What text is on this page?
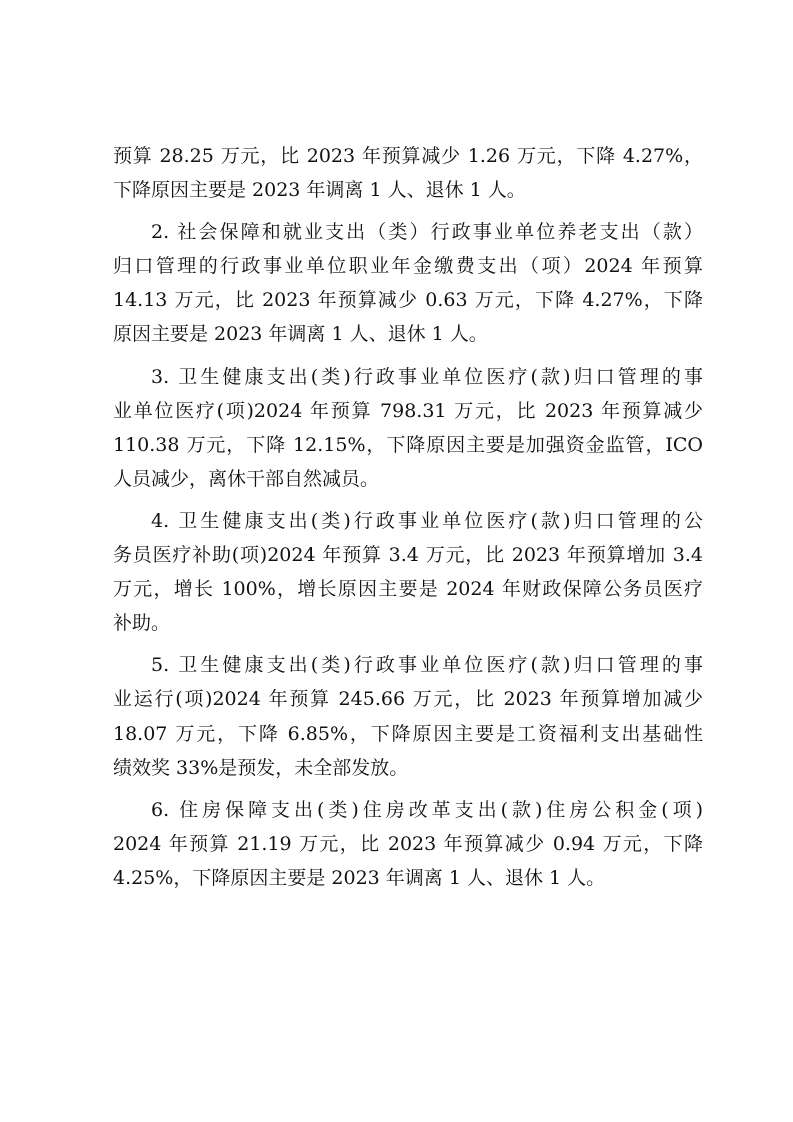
预算 28.25 万元，比 2023 年预算减少 1.26 万元，下降 4.27%，
下降原因主要是 2023 年调离 1 人、退休 1 人。
2. 社会保障和就业支出（类）行政事业单位养老支出（款）
归口管理的行政事业单位职业年金缴费支出（项）2024 年预算
14.13 万元，比 2023 年预算减少 0.63 万元，下降 4.27%，下降
原因主要是 2023 年调离 1 人、退休 1 人。
3. 卫生健康支出(类)行政事业单位医疗(款)归口管理的事
业单位医疗(项)2024 年预算 798.31 万元，比 2023 年预算减少
110.38 万元，下降 12.15%，下降原因主要是加强资金监管，ICO
人员减少，离休干部自然减员。
4. 卫生健康支出(类)行政事业单位医疗(款)归口管理的公
务员医疗补助(项)2024 年预算 3.4 万元，比 2023 年预算增加 3.4
万元，增长 100%，增长原因主要是 2024 年财政保障公务员医疗
补助。
5. 卫生健康支出(类)行政事业单位医疗(款)归口管理的事
业运行(项)2024 年预算 245.66 万元，比 2023 年预算增加减少
18.07 万元，下降 6.85%，下降原因主要是工资福利支出基础性
绩效奖 33%是预发，未全部发放。
6. 住房保障支出(类)住房改革支出(款)住房公积金(项)
2024 年预算 21.19 万元，比 2023 年预算减少 0.94 万元，下降
4.25%，下降原因主要是 2023 年调离 1 人、退休 1 人。
